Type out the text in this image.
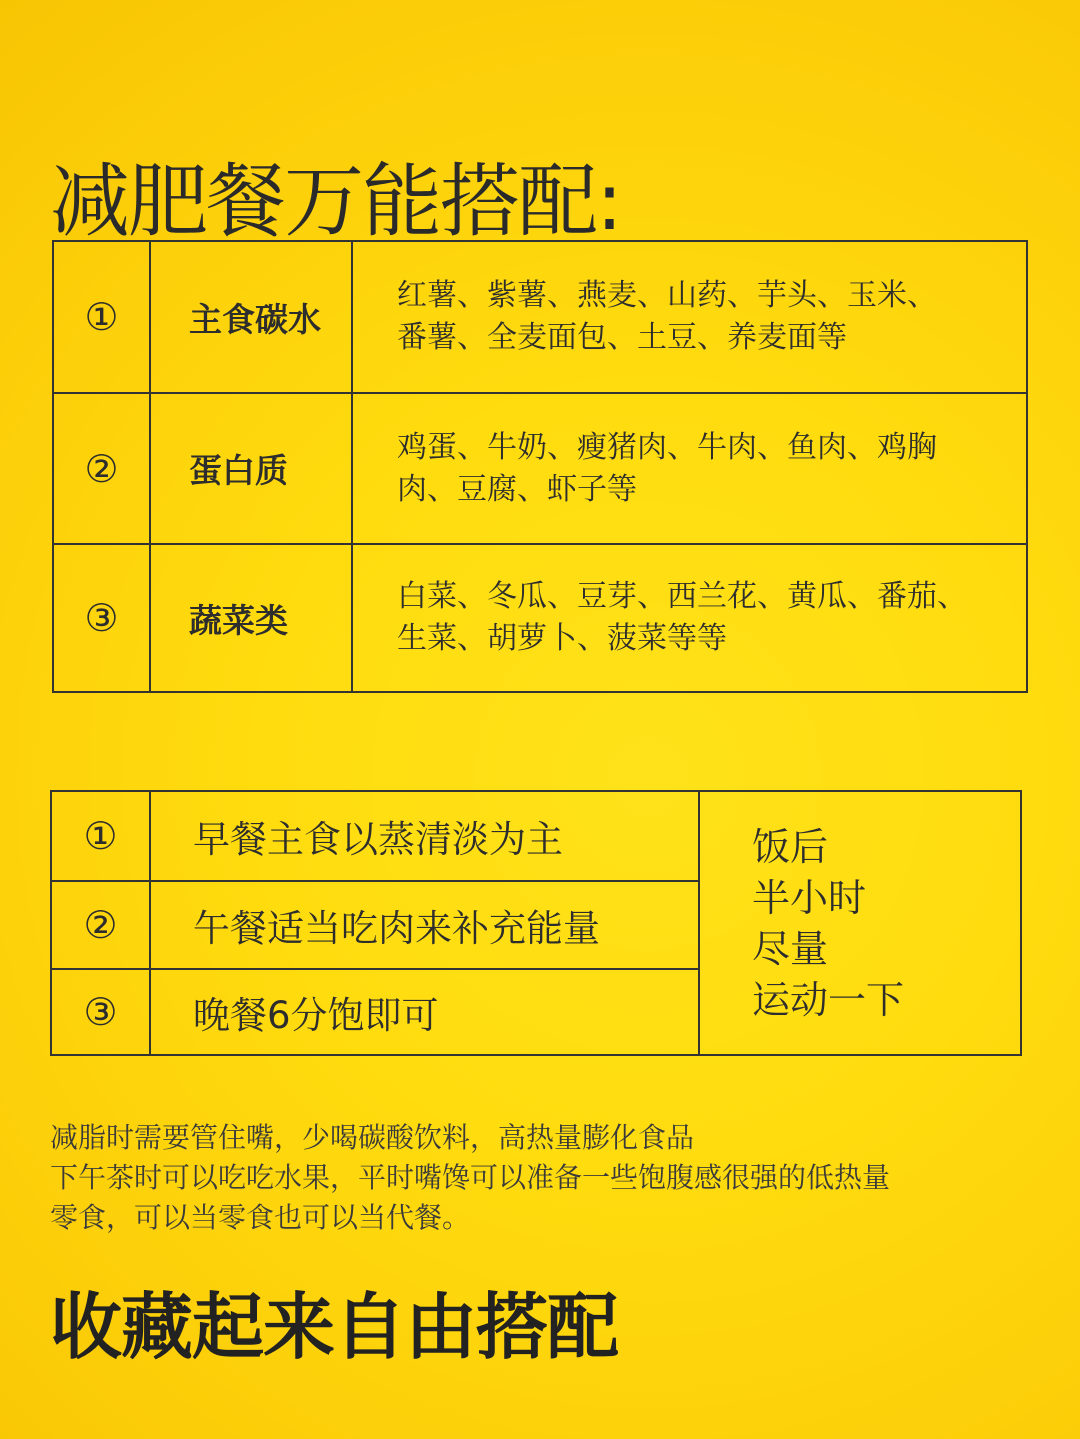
减肥餐万能搭配:
①	主食碳水
红薯、紫薯、燕麦、山药、芋头、玉米、
番薯、全麦面包、土豆、养麦面等
②	蛋白质
鸡蛋、牛奶、瘦猪肉、牛肉、鱼肉、鸡胸
肉、豆腐、虾子等
③	蔬菜类
白菜、冬瓜、豆芽、西兰花、黄瓜、番茄、
生菜、胡萝卜、菠菜等等
①	早餐主食以蒸清淡为主
②	午餐适当吃肉来补充能量
③	晚餐6分饱即可
饭后
半小时
尽量
运动一下
减脂时需要管住嘴，少喝碳酸饮料，高热量膨化食品
下午茶时可以吃吃水果，平时嘴馋可以准备一些饱腹感很强的低热量
零食，可以当零食也可以当代餐。
收藏起来自由搭配
